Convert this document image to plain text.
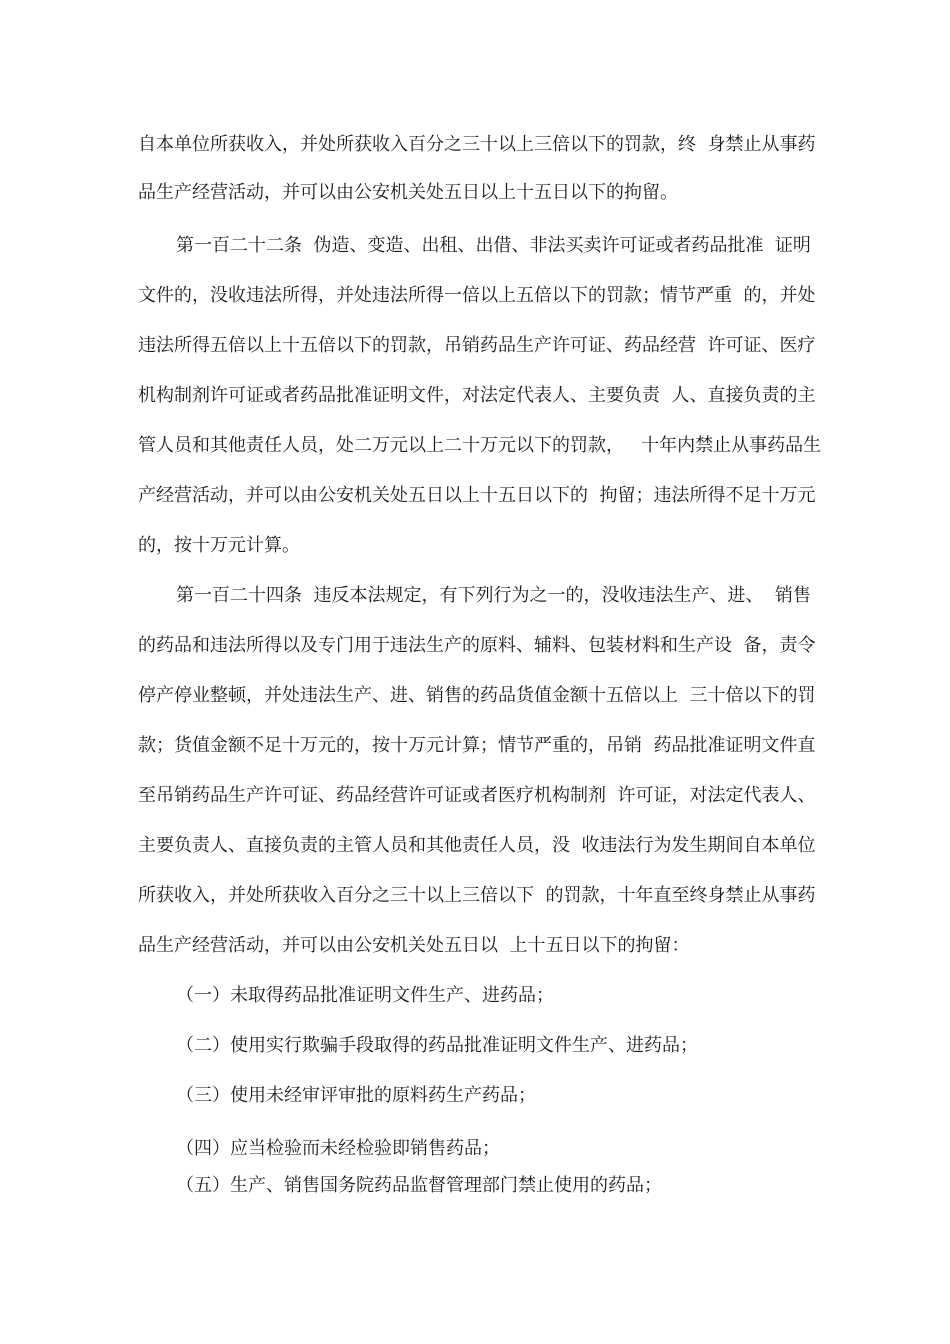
自本单位所获收入，并处所获收入百分之三十以上三倍以下的罚款，终  身禁止从事药
品生产经营活动，并可以由公安机关处五日以上十五日以下的拘留。
第一百二十二条  伪造、变造、出租、出借、非法买卖许可证或者药品批准  证明
文件的，没收违法所得，并处违法所得一倍以上五倍以下的罚款；情节严重  的，并处
违法所得五倍以上十五倍以下的罚款，吊销药品生产许可证、药品经营  许可证、医疗
机构制剂许可证或者药品批准证明文件，对法定代表人、主要负责  人、直接负责的主
管人员和其他责任人员，处二万元以上二十万元以下的罚款，   十年内禁止从事药品生
产经营活动，并可以由公安机关处五日以上十五日以下的  拘留；违法所得不足十万元
的，按十万元计算。
第一百二十四条  违反本法规定，有下列行为之一的，没收违法生产、进、  销售
的药品和违法所得以及专门用于违法生产的原料、辅料、包装材料和生产设  备，责令
停产停业整顿，并处违法生产、进、销售的药品货值金额十五倍以上  三十倍以下的罚
款；货值金额不足十万元的，按十万元计算；情节严重的，吊销  药品批准证明文件直
至吊销药品生产许可证、药品经营许可证或者医疗机构制剂  许可证，对法定代表人、
主要负责人、直接负责的主管人员和其他责任人员，没  收违法行为发生期间自本单位
所获收入，并处所获收入百分之三十以上三倍以下  的罚款，十年直至终身禁止从事药
品生产经营活动，并可以由公安机关处五日以  上十五日以下的拘留：
（一）未取得药品批准证明文件生产、进药品；
（二）使用实行欺骗手段取得的药品批准证明文件生产、进药品；
（三）使用未经审评审批的原料药生产药品；
（四）应当检验而未经检验即销售药品；
（五）生产、销售国务院药品监督管理部门禁止使用的药品；
